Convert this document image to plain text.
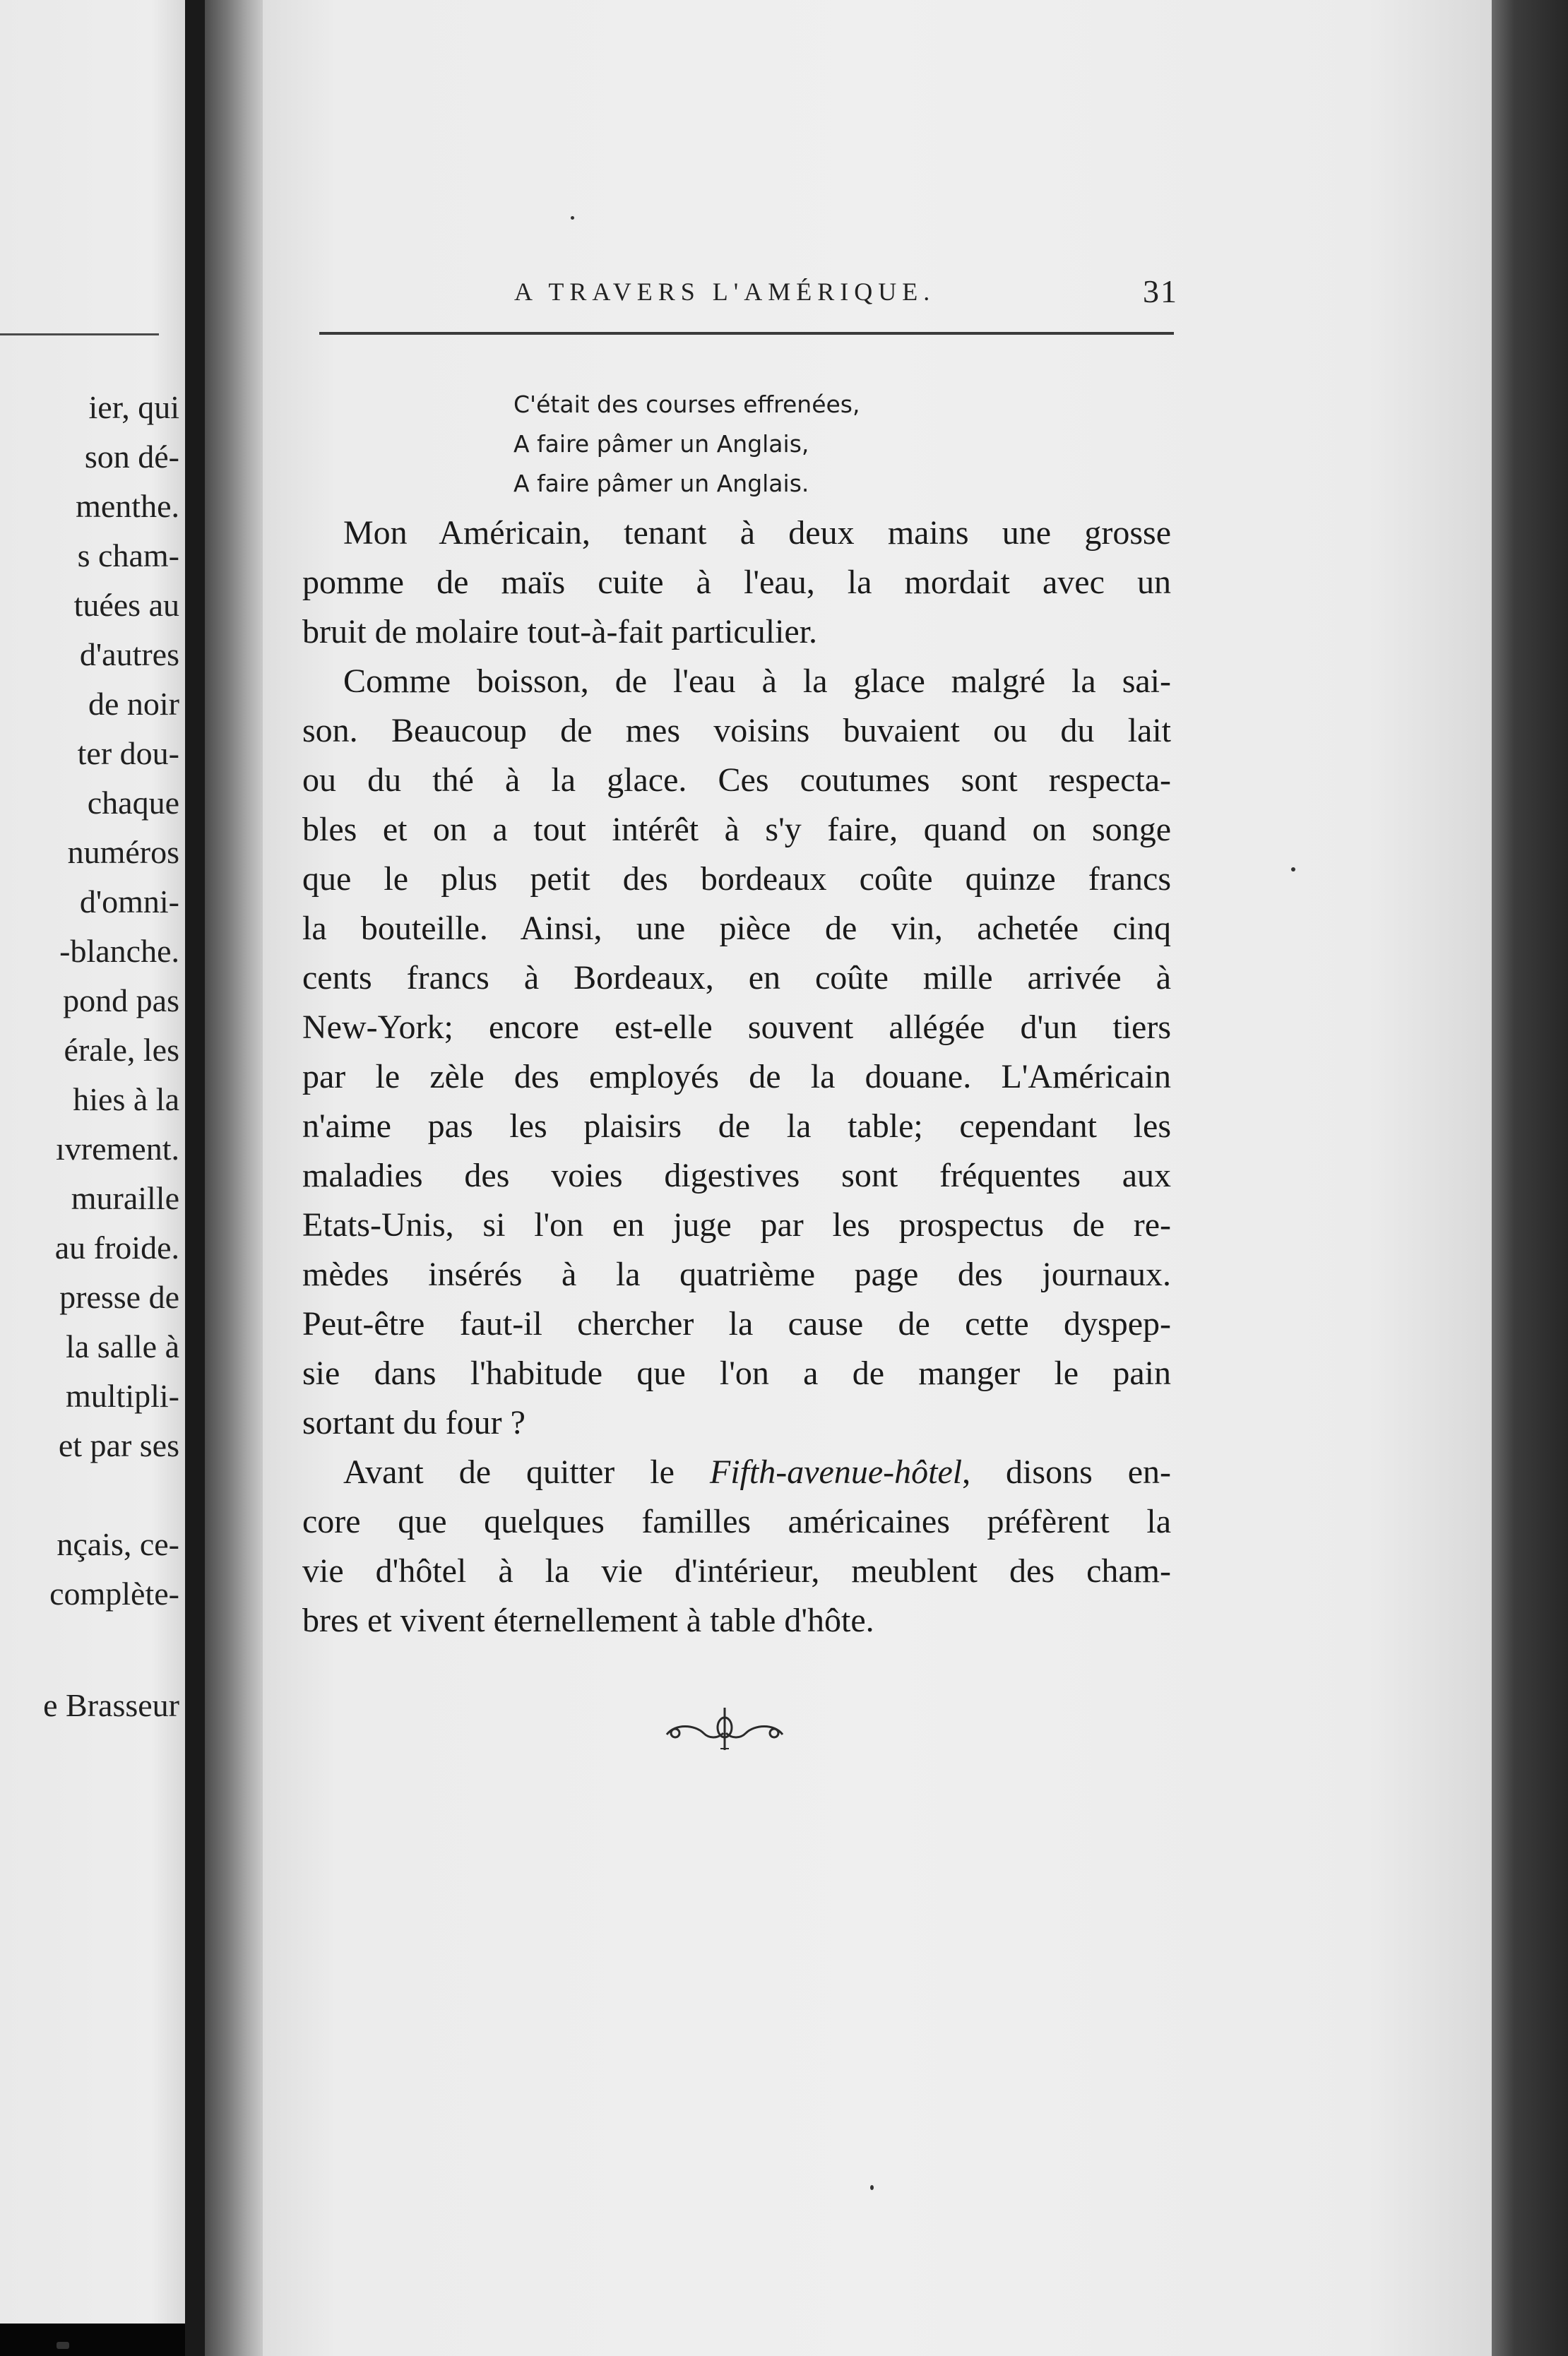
ier, qui
son dé-
menthe.
s cham-
tuées au
d'autres
de noir
ter dou-
chaque
numéros
d'omni-
-blanche.
pond pas
érale, les
hies à la
ıvrement.
muraille
au froide.
presse de
la salle à
multipli-
et par ses
nçais, ce-
complète-
e Brasseur
A TRAVERS L'AMÉRIQUE.	31
C'était des courses effrenées,
A faire pâmer un Anglais,
A faire pâmer un Anglais.
Mon Américain, tenant à deux mains une grosse
pomme de maïs cuite à l'eau, la mordait avec un
bruit de molaire tout-à-fait particulier.
Comme boisson, de l'eau à la glace malgré la sai-
son. Beaucoup de mes voisins buvaient ou du lait
ou du thé à la glace. Ces coutumes sont respecta-
bles et on a tout intérêt à s'y faire, quand on songe
que le plus petit des bordeaux coûte quinze francs
la bouteille. Ainsi, une pièce de vin, achetée cinq
cents francs à Bordeaux, en coûte mille arrivée à
New-York; encore est-elle souvent allégée d'un tiers
par le zèle des employés de la douane. L'Américain
n'aime pas les plaisirs de la table; cependant les
maladies des voies digestives sont fréquentes aux
Etats-Unis, si l'on en juge par les prospectus de re-
mèdes insérés à la quatrième page des journaux.
Peut-être faut-il chercher la cause de cette dyspep-
sie dans l'habitude que l'on a de manger le pain
sortant du four ?
Avant de quitter le Fifth-avenue-hôtel, disons en-
core que quelques familles américaines préfèrent la
vie d'hôtel à la vie d'intérieur, meublent des cham-
bres et vivent éternellement à table d'hôte.
